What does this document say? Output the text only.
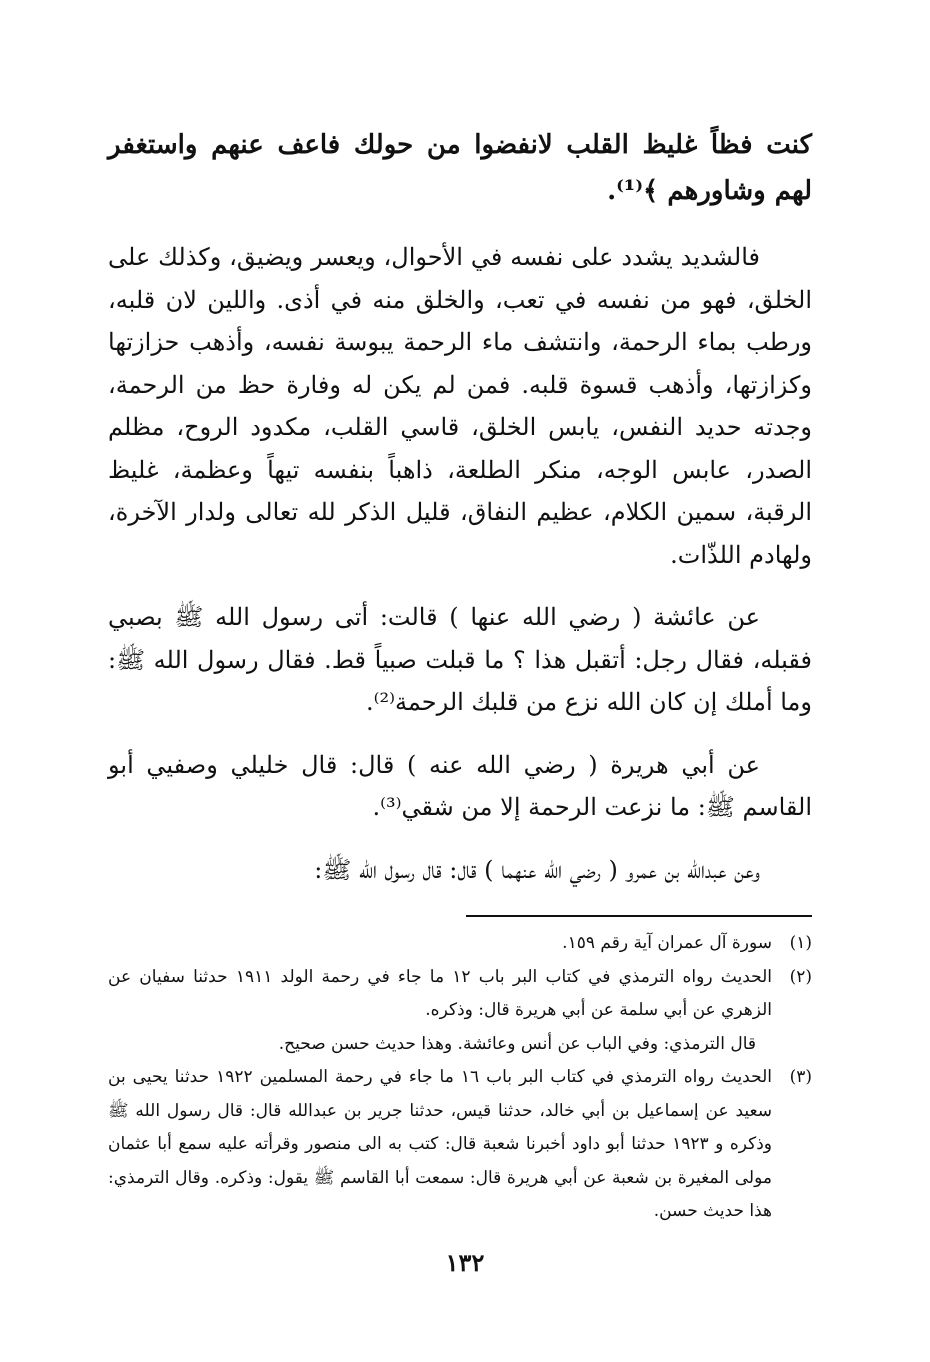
كنت فظاً غليظ القلب لانفضوا من حولك فاعف عنهم واستغفر لهم وشاورهم ﴾⁽¹⁾.

فالشديد يشدد على نفسه في الأحوال، ويعسر ويضيق، وكذلك على الخلق، فهو من نفسه في تعب، والخلق منه في أذى. واللين لان قلبه، ورطب بماء الرحمة، وانتشف ماء الرحمة يبوسة نفسه، وأذهب حزازتها وكزازتها، وأذهب قسوة قلبه. فمن لم يكن له وفارة حظ من الرحمة، وجدته حديد النفس، يابس الخلق، قاسي القلب، مكدود الروح، مظلم الصدر، عابس الوجه، منكر الطلعة، ذاهباً بنفسه تيهاً وعظمة، غليظ الرقبة، سمين الكلام، عظيم النفاق، قليل الذكر لله تعالى ولدار الآخرة، ولهادم اللذّات.

عن عائشة ( رضي الله عنها ) قالت: أتى رسول الله ﷺ بصبي فقبله، فقال رجل: أتقبل هذا ؟ ما قبلت صبياً قط. فقال رسول الله ﷺ: وما أملك إن كان الله نزع من قلبك الرحمة⁽²⁾.

عن أبي هريرة ( رضي الله عنه ) قال: قال خليلي وصفيي أبو القاسم ﷺ: ما نزعت الرحمة إلا من شقي⁽³⁾.

وعن عبدالله بن عمرو ( رضي الله عنهما ) قال: قال رسول الله ﷺ:

(١)
سورة آل عمران آية رقم ١٥٩.

(٢)
الحديث رواه الترمذي في كتاب البر باب ١٢ ما جاء في رحمة الولد ١٩١١ حدثنا سفيان عن الزهري عن أبي سلمة عن أبي هريرة قال: وذكره.

قال الترمذي: وفي الباب عن أنس وعائشة. وهذا حديث حسن صحيح.

(٣)
الحديث رواه الترمذي في كتاب البر باب ١٦ ما جاء في رحمة المسلمين ١٩٢٢ حدثنا يحيى بن سعيد عن إسماعيل بن أبي خالد، حدثنا قيس، حدثنا جرير بن عبدالله قال: قال رسول الله ﷺ وذكره و ١٩٢٣ حدثنا أبو داود أخبرنا شعبة قال: كتب به الى منصور وقرأته عليه سمع أبا عثمان مولى المغيرة بن شعبة عن أبي هريرة قال: سمعت أبا القاسم ﷺ يقول: وذكره. وقال الترمذي: هذا حديث حسن.

١٣٢
